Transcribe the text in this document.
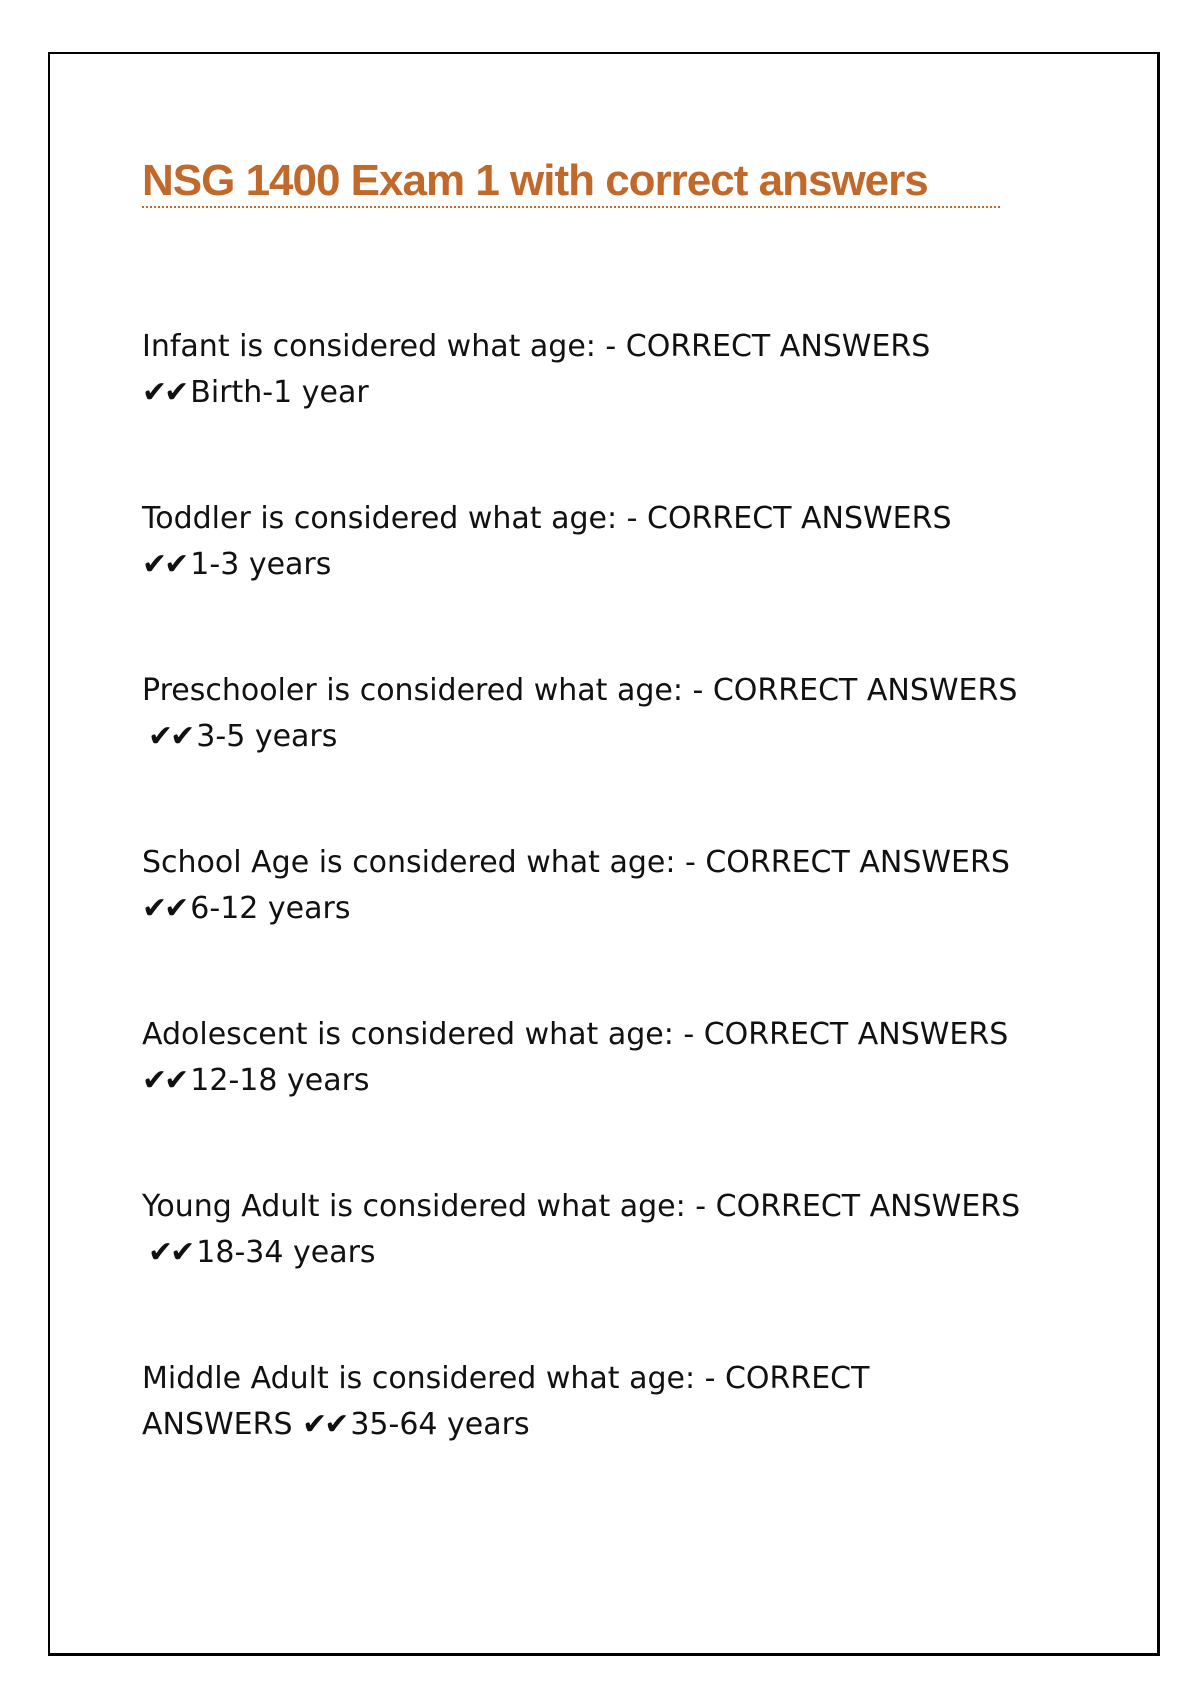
NSG 1400 Exam 1 with correct answers
Infant is considered what age: - CORRECT ANSWERS
✔✔ Birth-1 year
Toddler is considered what age: - CORRECT ANSWERS
✔✔ 1-3 years
Preschooler is considered what age: - CORRECT ANSWERS
✔✔ 3-5 years
School Age is considered what age: - CORRECT ANSWERS
✔✔ 6-12 years
Adolescent is considered what age: - CORRECT ANSWERS
✔✔ 12-18 years
Young Adult is considered what age: - CORRECT ANSWERS
✔✔ 18-34 years
Middle Adult is considered what age: - CORRECT
ANSWERS ✔✔ 35-64 years
